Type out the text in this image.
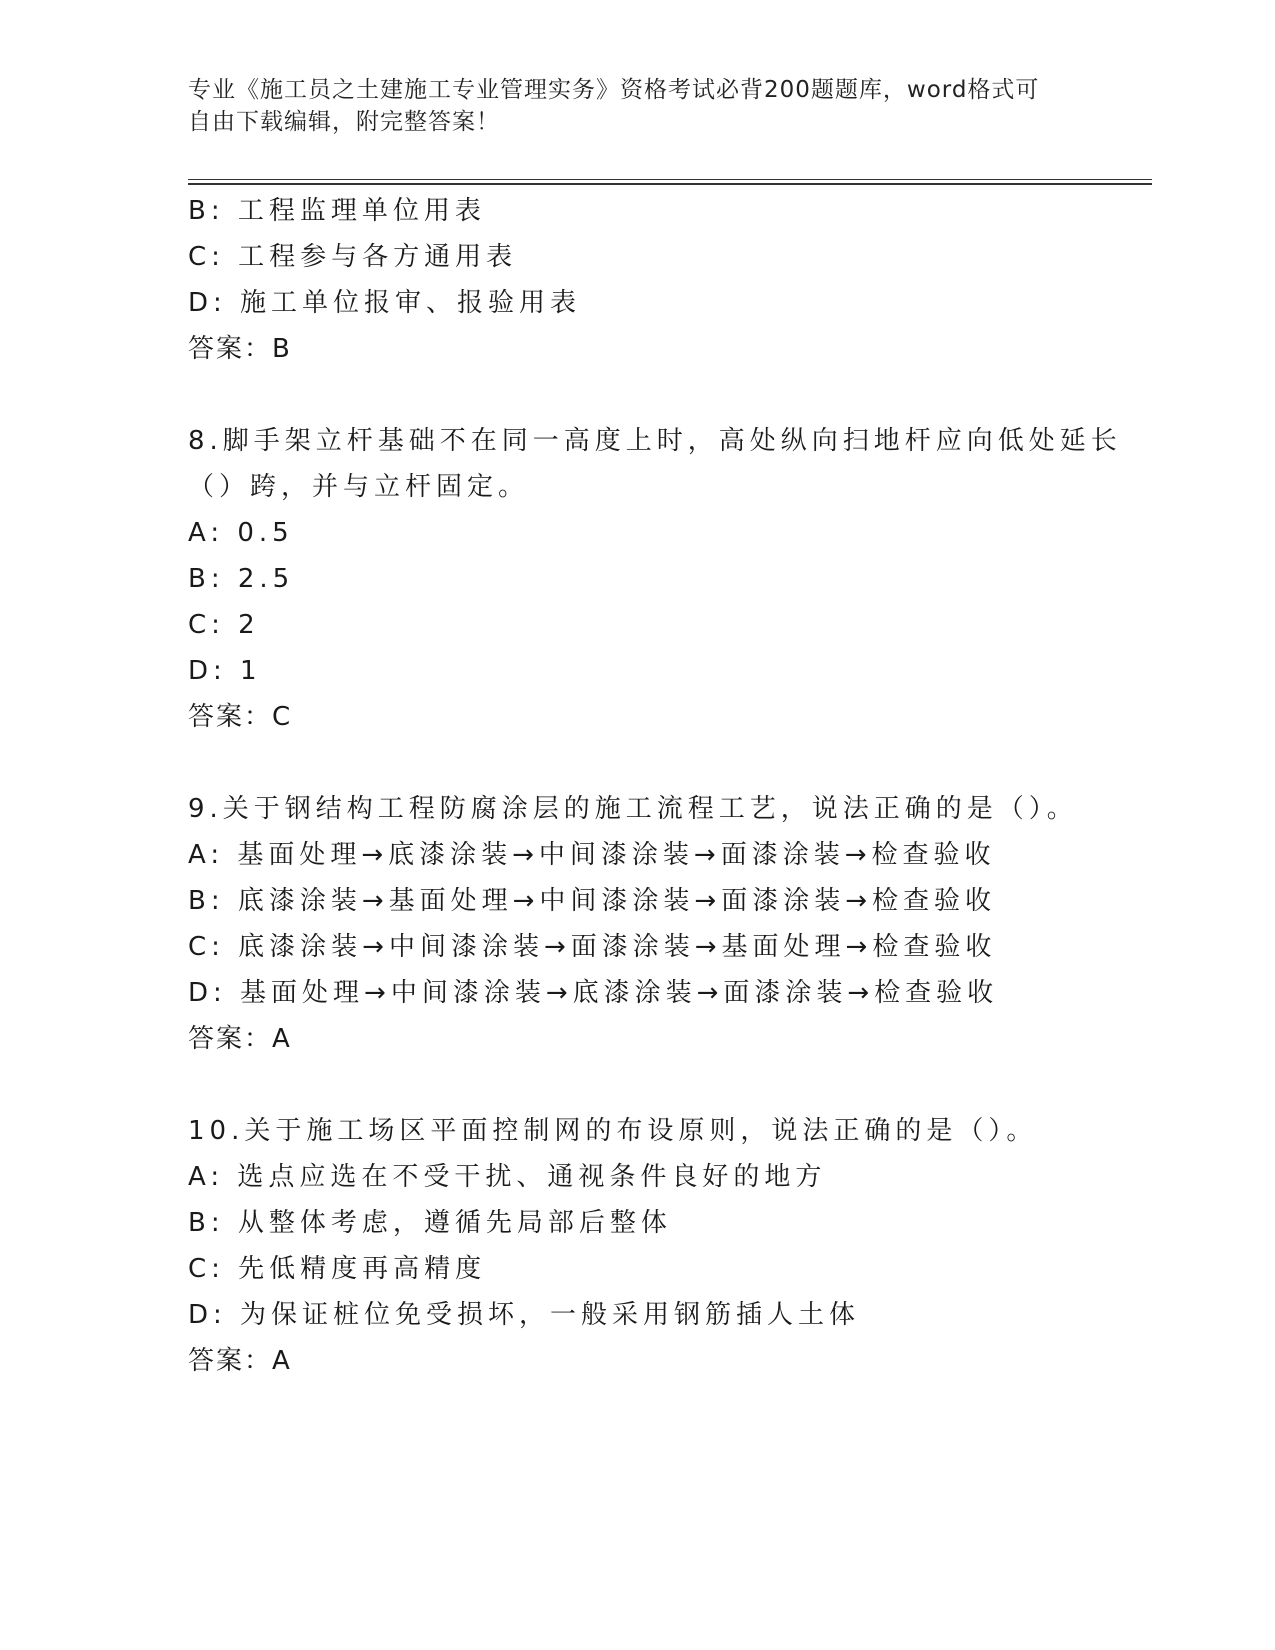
专业《施工员之土建施工专业管理实务》资格考试必背200题题库，word格式可
自由下载编辑，附完整答案！
B: 工程监理单位用表
C: 工程参与各方通用表
D: 施工单位报审、报验用表
答案：B
8.脚手架立杆基础不在同一高度上时，高处纵向扫地杆应向低处延长
（）跨，并与立杆固定。
A: 0.5
B: 2.5
C: 2
D: 1
答案：C
9.关于钢结构工程防腐涂层的施工流程工艺，说法正确的是（）。
A: 基面处理→底漆涂装→中间漆涂装→面漆涂装→检查验收
B: 底漆涂装→基面处理→中间漆涂装→面漆涂装→检查验收
C: 底漆涂装→中间漆涂装→面漆涂装→基面处理→检查验收
D: 基面处理→中间漆涂装→底漆涂装→面漆涂装→检查验收
答案：A
10.关于施工场区平面控制网的布设原则，说法正确的是（）。
A: 选点应选在不受干扰、通视条件良好的地方
B: 从整体考虑，遵循先局部后整体
C: 先低精度再高精度
D: 为保证桩位免受损坏，一般采用钢筋插人土体
答案：A
